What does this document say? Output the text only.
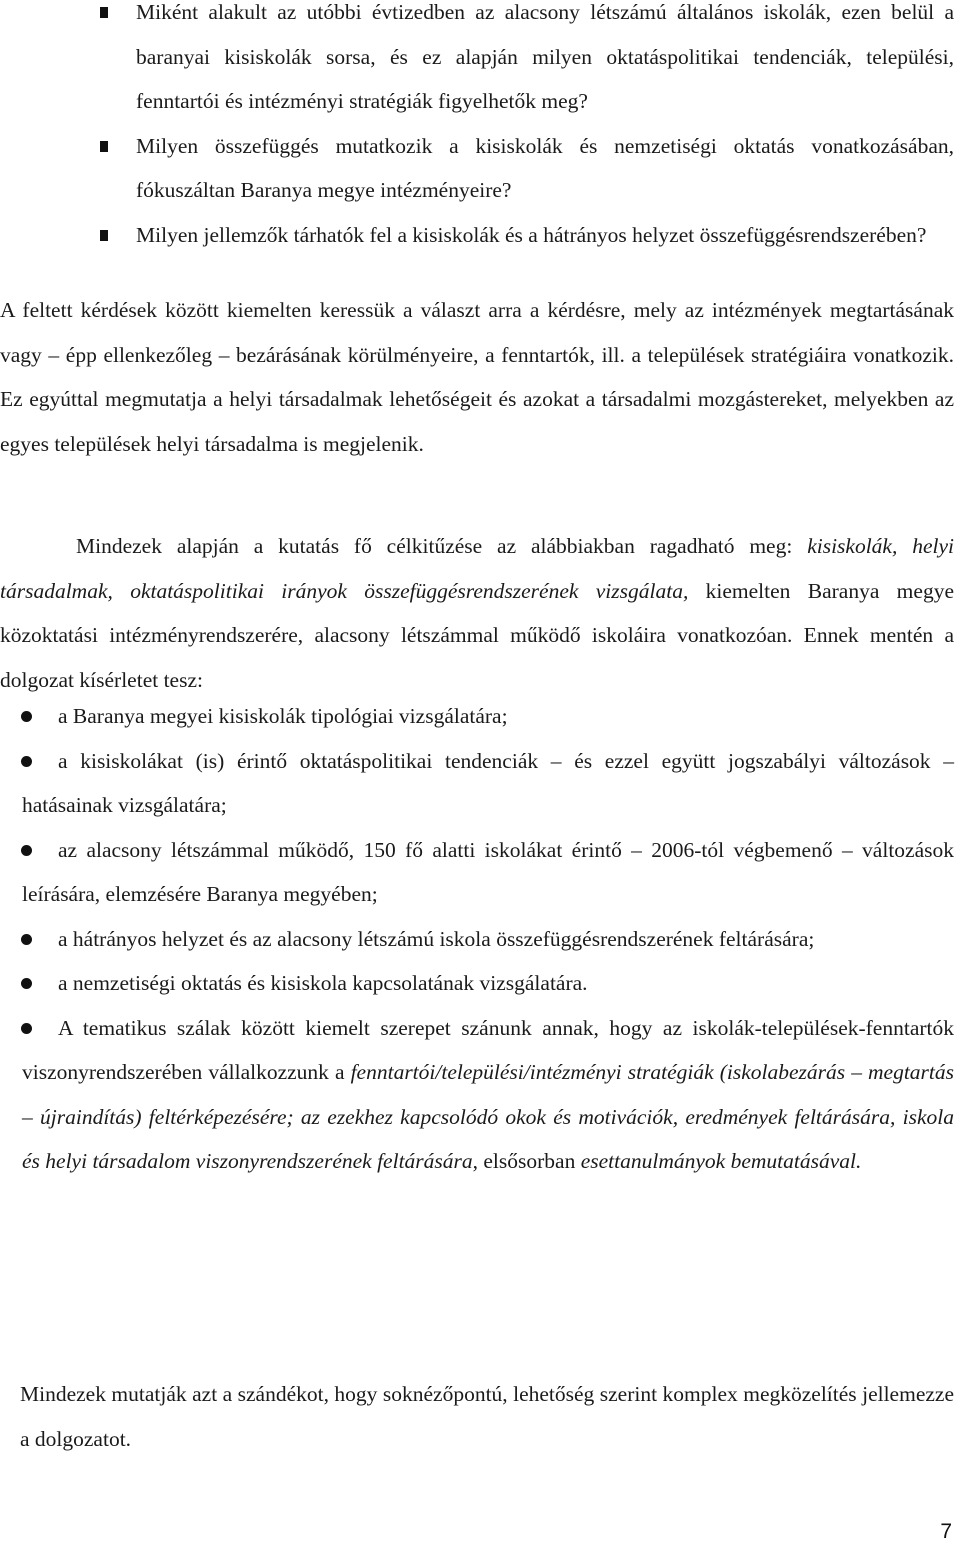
Miként alakult az utóbbi évtizedben az alacsony létszámú általános iskolák, ezen belül a baranyai kisiskolák sorsa, és ez alapján milyen oktatáspolitikai tendenciák, települési, fenntartói és intézményi stratégiák figyelhetők meg?
Milyen összefüggés mutatkozik a kisiskolák és nemzetiségi oktatás vonatkozásában, fókuszáltan Baranya megye intézményeire?
Milyen jellemzők tárhatók fel a kisiskolák és a hátrányos helyzet összefüggésrendszerében?

A feltett kérdések között kiemelten keressük a választ arra a kérdésre, mely az intézmények megtartásának vagy – épp ellenkezőleg – bezárásának körülményeire, a fenntartók, ill. a települések stratégiáira vonatkozik. Ez egyúttal megmutatja a helyi társadalmak lehetőségeit és azokat a társadalmi mozgástereket, melyekben az egyes települések helyi társadalma is megjelenik.

Mindezek alapján a kutatás fő célkitűzése az alábbiakban ragadható meg: kisiskolák, helyi társadalmak, oktatáspolitikai irányok összefüggésrendszerének vizsgálata, kiemelten Baranya megye közoktatási intézményrendszerére, alacsony létszámmal működő iskoláira vonatkozóan. Ennek mentén a dolgozat kísérletet tesz:

a Baranya megyei kisiskolák tipológiai vizsgálatára;
a kisiskolákat (is) érintő oktatáspolitikai tendenciák – és ezzel együtt jogszabályi változások – hatásainak vizsgálatára;
az alacsony létszámmal működő, 150 fő alatti iskolákat érintő – 2006-tól végbemenő – változások leírására, elemzésére Baranya megyében;
a hátrányos helyzet és az alacsony létszámú iskola összefüggésrendszerének feltárására;
a nemzetiségi oktatás és kisiskola kapcsolatának vizsgálatára.
A tematikus szálak között kiemelt szerepet szánunk annak, hogy az iskolák-települések-fenntartók viszonyrendszerében vállalkozzunk a fenntartói/települési/intézményi stratégiák (iskolabezárás – megtartás – újraindítás) feltérképezésére; az ezekhez kapcsolódó okok és motivációk, eredmények feltárására, iskola és helyi társadalom viszonyrendszerének feltárására, elsősorban esettanulmányok bemutatásával.

Mindezek mutatják azt a szándékot, hogy soknézőpontú, lehetőség szerint komplex megközelítés jellemezze a dolgozatot.

7
